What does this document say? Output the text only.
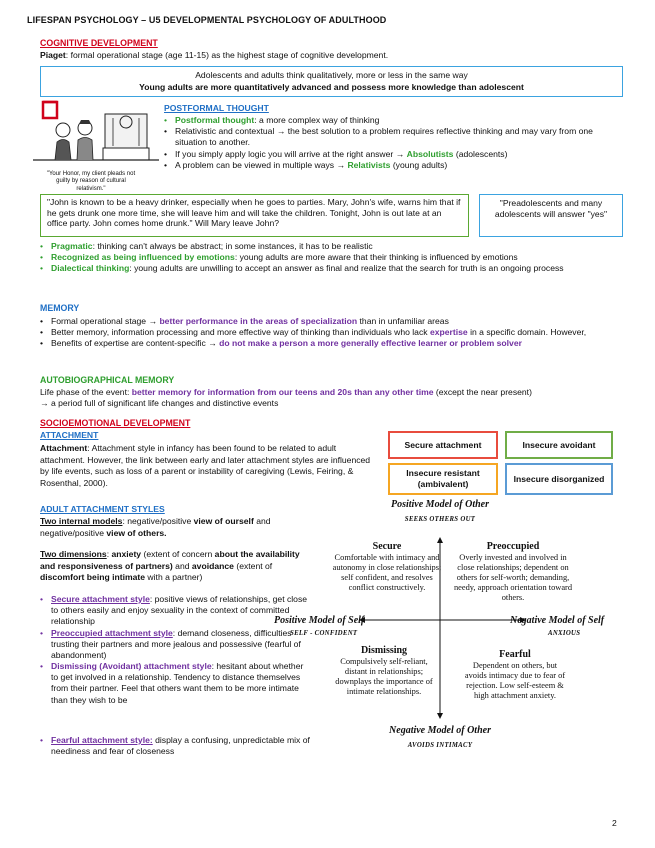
LIFESPAN PSYCHOLOGY – U5 DEVELOPMENTAL PSYCHOLOGY OF ADULTHOOD
COGNITIVE DEVELOPMENT
Piaget: formal operational stage (age 11-15) as the highest stage of cognitive development.
Adolescents and adults think qualitatively, more or less in the same way
Young adults are more quantitatively advanced and possess more knowledge than adolescent
"Your Honor, my client pleads not guilty by reason of cultural relativism."
POSTFORMAL THOUGHT
• Postformal thought: a more complex way of thinking
• Relativistic and contextual → the best solution to a problem requires reflective thinking and may vary from one situation to another.
• If you simply apply logic you will arrive at the right answer → Absolutists (adolescents)
• A problem can be viewed in multiple ways → Relativists (young adults)
"John is known to be a heavy drinker, especially when he goes to parties. Mary, John's wife, warns him that if he gets drunk one more time, she will leave him and will take the children. Tonight, John is out late at an office party. John comes home drunk." Will Mary leave John?
"Preadolescents and many adolescents will answer "yes"
• Pragmatic: thinking can't always be abstract; in some instances, it has to be realistic
• Recognized as being influenced by emotions: young adults are more aware that their thinking is influenced by emotions
• Dialectical thinking: young adults are unwilling to accept an answer as final and realize that the search for truth is an ongoing process
MEMORY
• Formal operational stage → better performance in the areas of specialization than in unfamiliar areas
• Better memory, information processing and more effective way of thinking than individuals who lack expertise in a specific domain. However,
• Benefits of expertise are content-specific → do not make a person a more generally effective learner or problem solver
AUTOBIOGRAPHICAL MEMORY
Life phase of the event: better memory for information from our teens and 20s than any other time (except the near present)
→ a period full of significant life changes and distinctive events
SOCIOEMOTIONAL DEVELOPMENT
ATTACHMENT
Attachment: Attachment style in infancy has been found to be related to adult attachment. However, the link between early and later attachment styles are influenced by life events, such as loss of a parent or instability of caregiving (Lewis, Feiring, & Rosenthal, 2000).
Secure attachment	Insecure avoidant
Insecure resistant (ambivalent)
Insecure disorganized
ADULT ATTACHMENT STYLES
Two internal models: negative/positive view of ourself and negative/positive view of others.
Two dimensions: anxiety (extent of concern about the availability and responsiveness of partners) and avoidance (extent of discomfort being intimate with a partner)
• Secure attachment style: positive views of relationships, get close to others easily and enjoy sexuality in the context of committed relationship
• Preoccupied attachment style: demand closeness, difficulties trusting their partners and more jealous and possessive (fearful of abandonment)
• Dismissing (Avoidant) attachment style: hesitant about whether to get involved in a relationship. Tendency to distance themselves from their partner. Feel that others want them to be more intimate than they wish to be
• Fearful attachment style: display a confusing, unpredictable mix of neediness and fear of closeness
Positive Model of Other
SEEKS OTHERS OUT
Secure
Comfortable with intimacy and autonomy in close relationships; self confident, and resolves conflict constructively.
Preoccupied
Overly invested and involved in close relationships; dependent on others for self-worth; demanding, needy, approach orientation toward others.
Positive Model of Self
SELF - CONFIDENT
Negative Model of Self
ANXIOUS
Dismissing
Compulsively self-reliant, distant in relationships; downplays the importance of intimate relationships.
Fearful
Dependent on others, but avoids intimacy due to fear of rejection. Low self-esteem & high attachment anxiety.
Negative Model of Other
AVOIDS INTIMACY
2
